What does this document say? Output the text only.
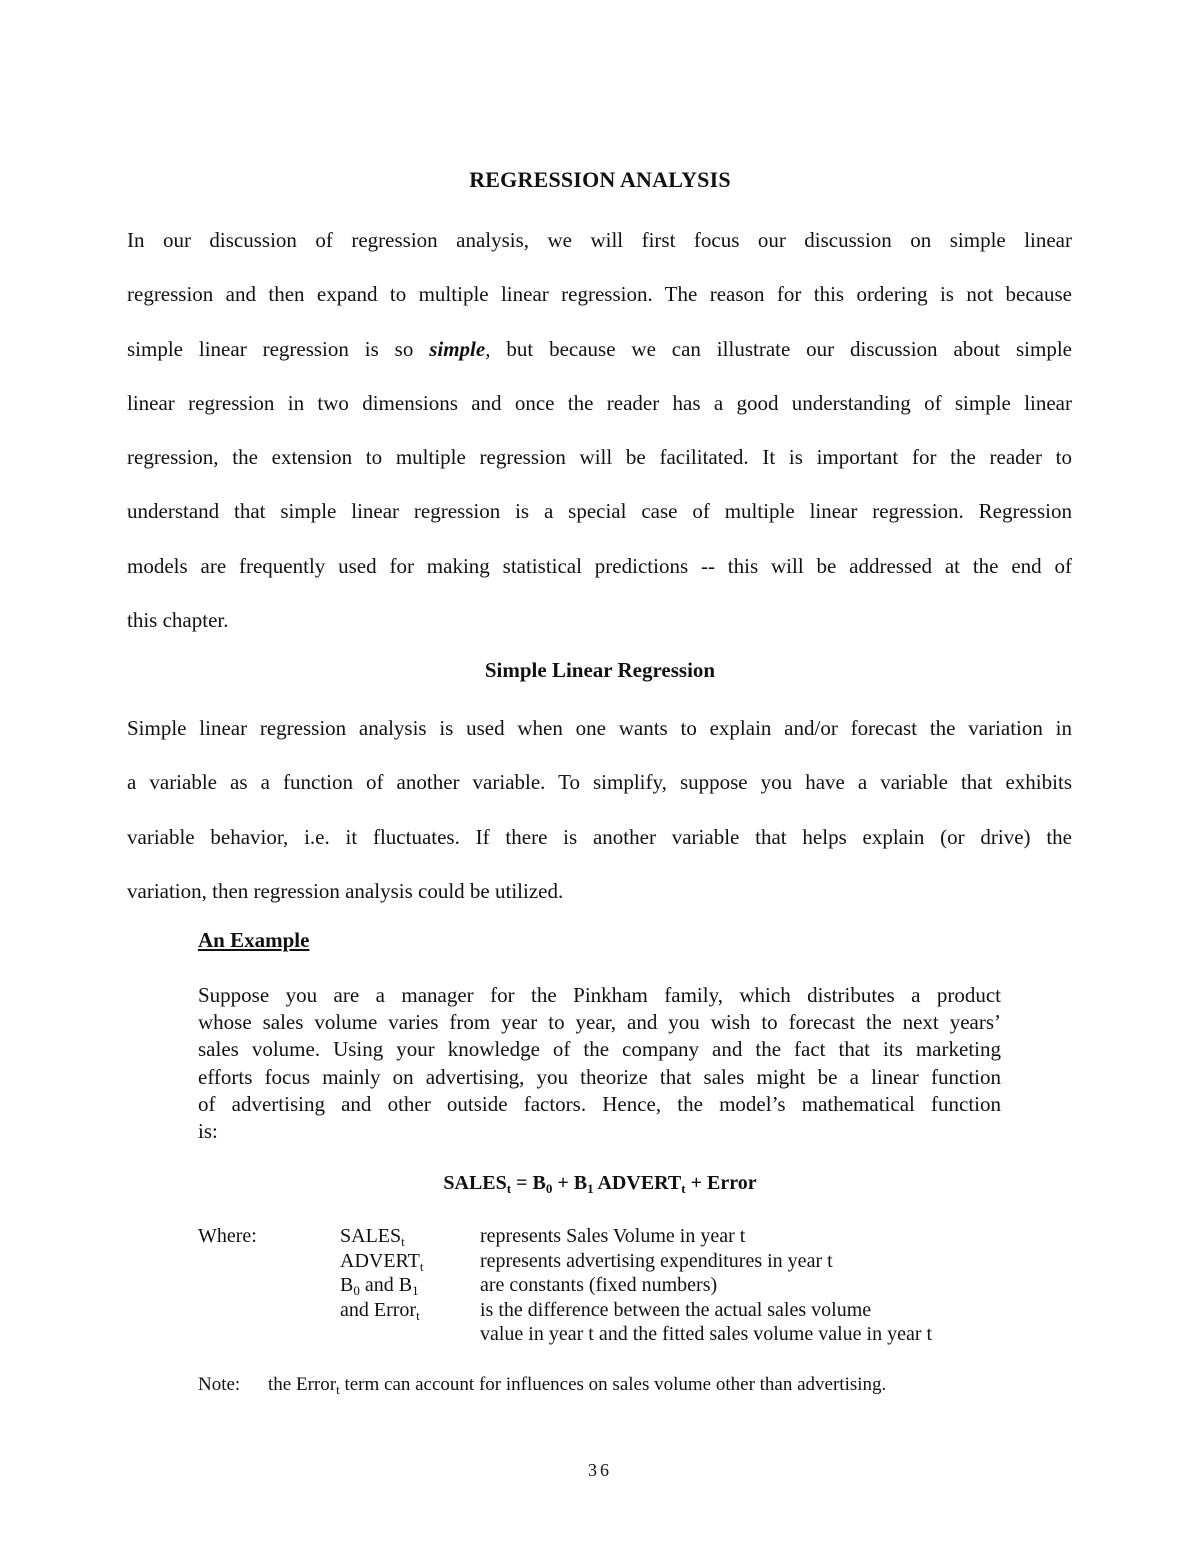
REGRESSION ANALYSIS
In our discussion of regression analysis, we will first focus our discussion on simple linear
regression and then expand to multiple linear regression. The reason for this ordering is not because
simple linear regression is so simple, but because we can illustrate our discussion about simple
linear regression in two dimensions and once the reader has a good understanding of simple linear
regression, the extension to multiple regression will be facilitated. It is important for the reader to
understand that simple linear regression is a special case of multiple linear regression. Regression
models are frequently used for making statistical predictions -- this will be addressed at the end of
this chapter.
Simple Linear Regression
Simple linear regression analysis is used when one wants to explain and/or forecast the variation in
a variable as a function of another variable. To simplify, suppose you have a variable that exhibits
variable behavior, i.e. it fluctuates. If there is another variable that helps explain (or drive) the
variation, then regression analysis could be utilized.
An Example
Suppose you are a manager for the Pinkham family, which distributes a product
whose sales volume varies from year to year, and you wish to forecast the next years’
sales volume. Using your knowledge of the company and the fact that its marketing
efforts focus mainly on advertising, you theorize that sales might be a linear function
of advertising and other outside factors. Hence, the model’s mathematical function
is:
$SALES_t = B_0 + B_1$ $ADVERT_t$ + Error
Where:	$SALES_t$	represents Sales Volume in year t
$ADVERT_t$	represents advertising expenditures in year t
$B_0$ and $B_1$	are constants (fixed numbers)
and Error$_t$	is the difference between the actual sales volume
value in year t and the fitted sales volume value in year t
Note: the Error$_t$ term can account for influences on sales volume other than advertising.
36
